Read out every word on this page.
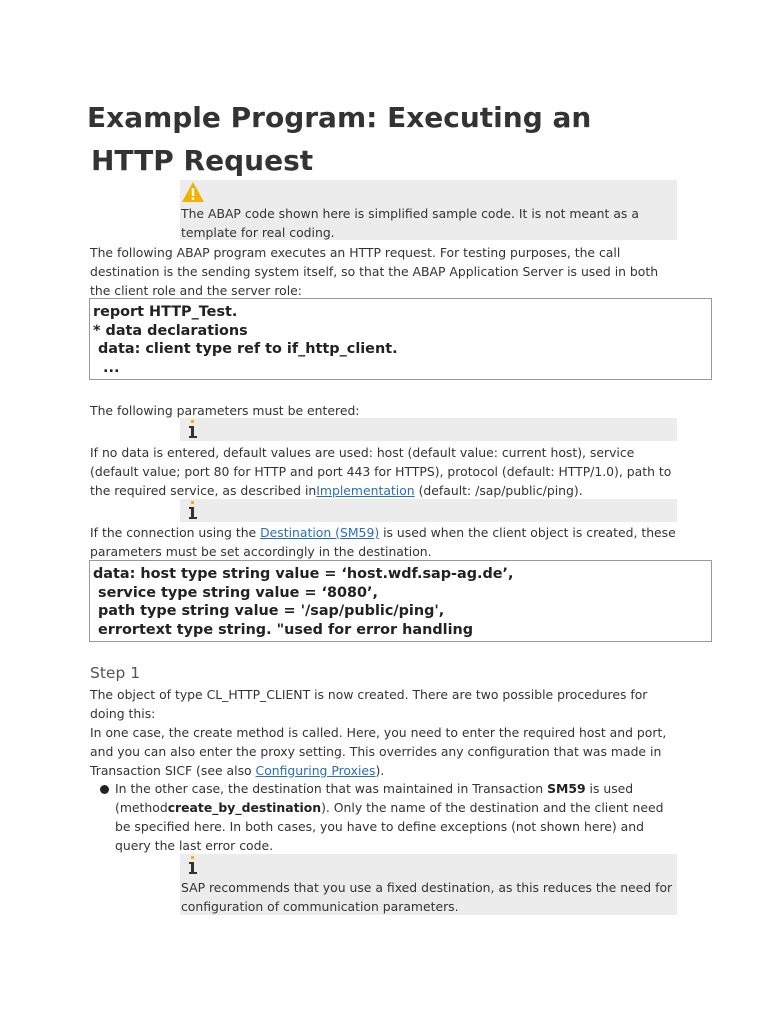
Example Program: Executing an
HTTP Request
The ABAP code shown here is simplified sample code. It is not meant as a template for real coding.

The following ABAP program executes an HTTP request. For testing purposes, the call destination is the sending system itself, so that the ABAP Application Server is used in both the client role and the server role:

report HTTP_Test.
* data declarations
data: client type ref to if_http_client.
...

The following parameters must be entered:

If no data is entered, default values are used: host (default value: current host), service (default value; port 80 for HTTP and port 443 for HTTPS), protocol (default: HTTP/1.0), path to the required service, as described inImplementation (default: /sap/public/ping).

If the connection using the Destination (SM59) is used when the client object is created, these parameters must be set accordingly in the destination.

data: host type string value = ‘host.wdf.sap-ag.de’,
service type string value = ‘8080’,
path type string value = '/sap/public/ping',
errortext type string. "used for error handling
Step 1

The object of type CL_HTTP_CLIENT is now created. There are two possible procedures for doing this:

In one case, the create method is called. Here, you need to enter the required host and port, and you can also enter the proxy setting. This overrides any configuration that was made in Transaction SICF (see also Configuring Proxies).

In the other case, the destination that was maintained in Transaction SM59 is used (methodcreate_by_destination). Only the name of the destination and the client need be specified here. In both cases, you have to define exceptions (not shown here) and query the last error code.
SAP recommends that you use a fixed destination, as this reduces the need for configuration of communication parameters.
